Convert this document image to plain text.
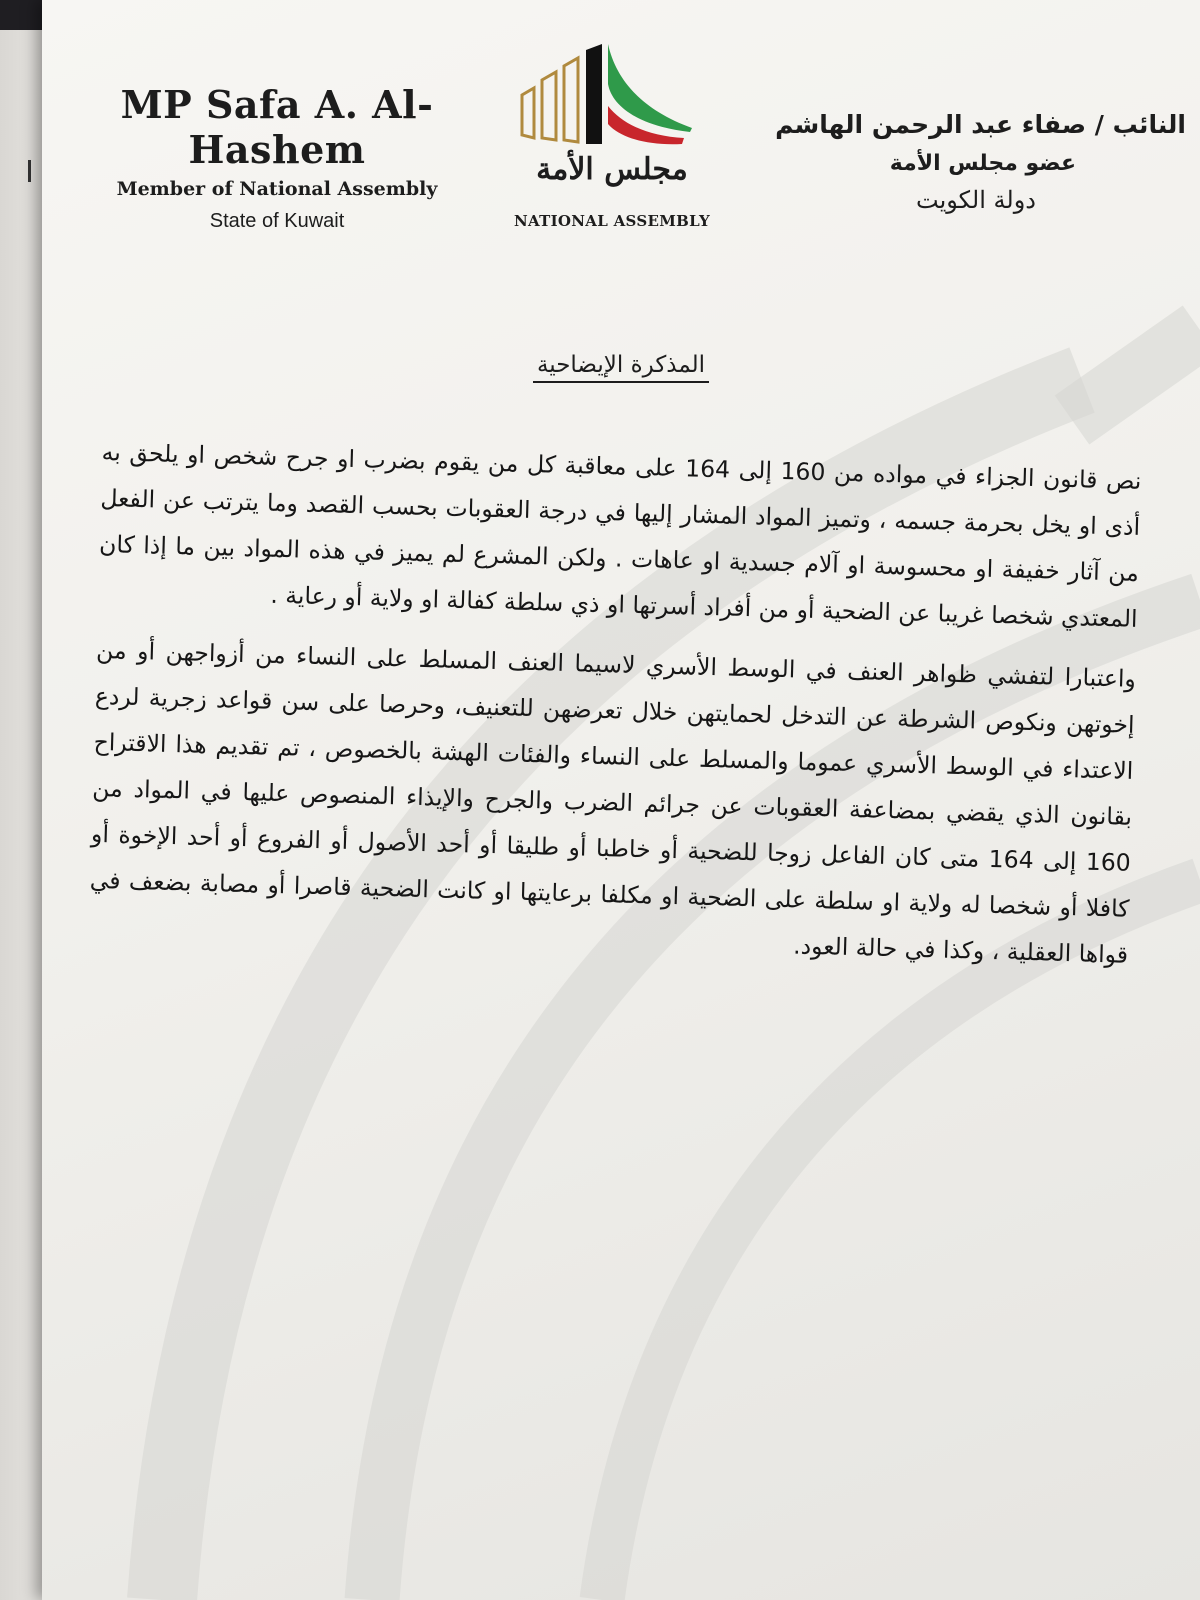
MP Safa A. Al-Hashem
Member of National Assembly
State of Kuwait
مجلس الأمة
NATIONAL ASSEMBLY
النائب / صفاء عبد الرحمن الهاشم
عضو مجلس الأمة
دولة الكويت
المذكرة الإيضاحية

نص قانون الجزاء في مواده من 160 إلى 164 على معاقبة كل من يقوم بضرب او جرح شخص او يلحق به أذى او يخل بحرمة جسمه ، وتميز المواد المشار إليها في درجة العقوبات بحسب القصد وما يترتب عن الفعل من آثار خفيفة او محسوسة او آلام جسدية او عاهات . ولكن المشرع لم يميز في هذه المواد بين ما إذا كان المعتدي شخصا غريبا عن الضحية أو من أفراد أسرتها او ذي سلطة كفالة او ولاية أو رعاية .

واعتبارا لتفشي ظواهر العنف في الوسط الأسري لاسيما العنف المسلط على النساء من أزواجهن أو من إخوتهن ونكوص الشرطة عن التدخل لحمايتهن خلال تعرضهن للتعنيف، وحرصا على سن قواعد زجرية لردع الاعتداء في الوسط الأسري عموما والمسلط على النساء والفئات الهشة بالخصوص ، تم تقديم هذا الاقتراح بقانون الذي يقضي بمضاعفة العقوبات عن جرائم الضرب والجرح والإيذاء المنصوص عليها في المواد من 160 إلى 164 متى كان الفاعل زوجا للضحية أو خاطبا أو طليقا أو أحد الأصول أو الفروع أو أحد الإخوة أو كافلا أو شخصا له ولاية او سلطة على الضحية او مكلفا برعايتها او كانت الضحية قاصرا أو مصابة بضعف في قواها العقلية ، وكذا في حالة العود.
